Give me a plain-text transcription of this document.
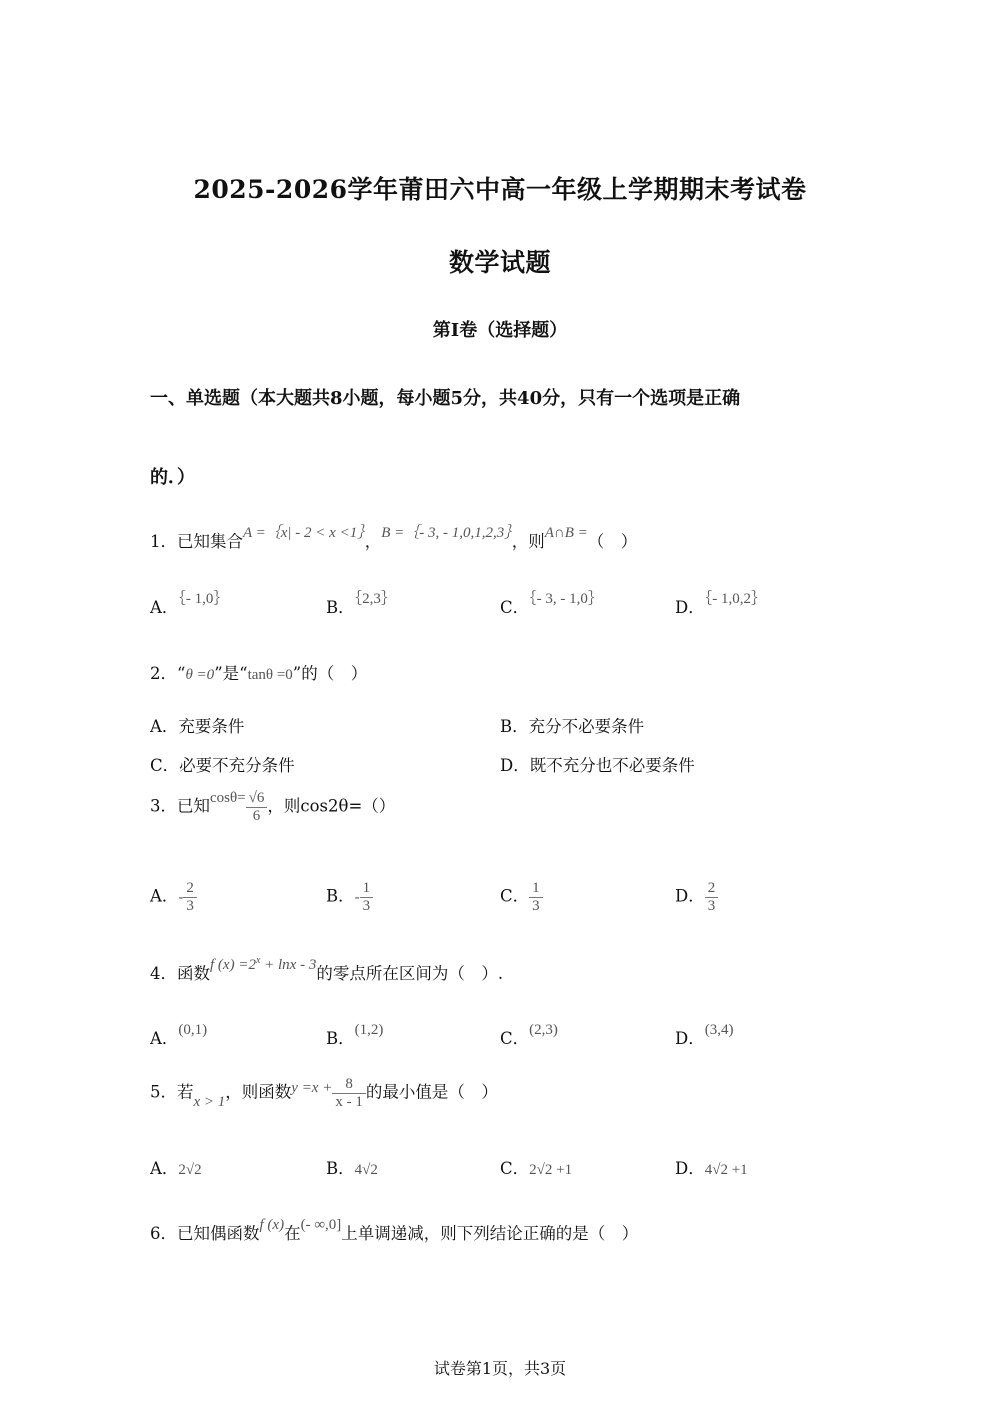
2025-2026学年莆田六中高一年级上学期期末考试卷
数学试题
第I卷（选择题）
一、单选题（本大题共8小题，每小题5分，共40分，只有一个选项是正确
的．）
1．已知集合A =｛x| - 2 < x <1｝，B =｛- 3, - 1,0,1,2,3｝，则A∩B =（　）
A．｛- 1,0｝	B．｛2,3｝	C．｛- 3, - 1,0｝	D．｛- 1,0,2｝
2．“θ =0”是“tanθ =0”的（　）
A．充要条件	B．充分不必要条件
C．必要不充分条件	D．既不充分也不必要条件
3．已知$\cos\theta= \frac{√6}{6}$ ，则cos2θ=（）
A．- $\frac{2}{3}$	B．- $\frac{1}{3}$	C． $\frac{1}{3}$	D． $\frac{2}{3}$
4．函数f $(x) =2^x + \ln x - 3$的零点所在区间为（　）.
A．(0,1)	B．(1,2)	C．(2,3)	D．(3,4)
5．若x > 1，则函数$y =x + \frac{8}{x - 1}$ 的最小值是（　）
A．2√2	B．4√2	C．2√2 +1	D．4√2 +1
6．已知偶函数f (x)在(- ∞,0]上单调递减，则下列结论正确的是（　）
试卷第1页，共3页
